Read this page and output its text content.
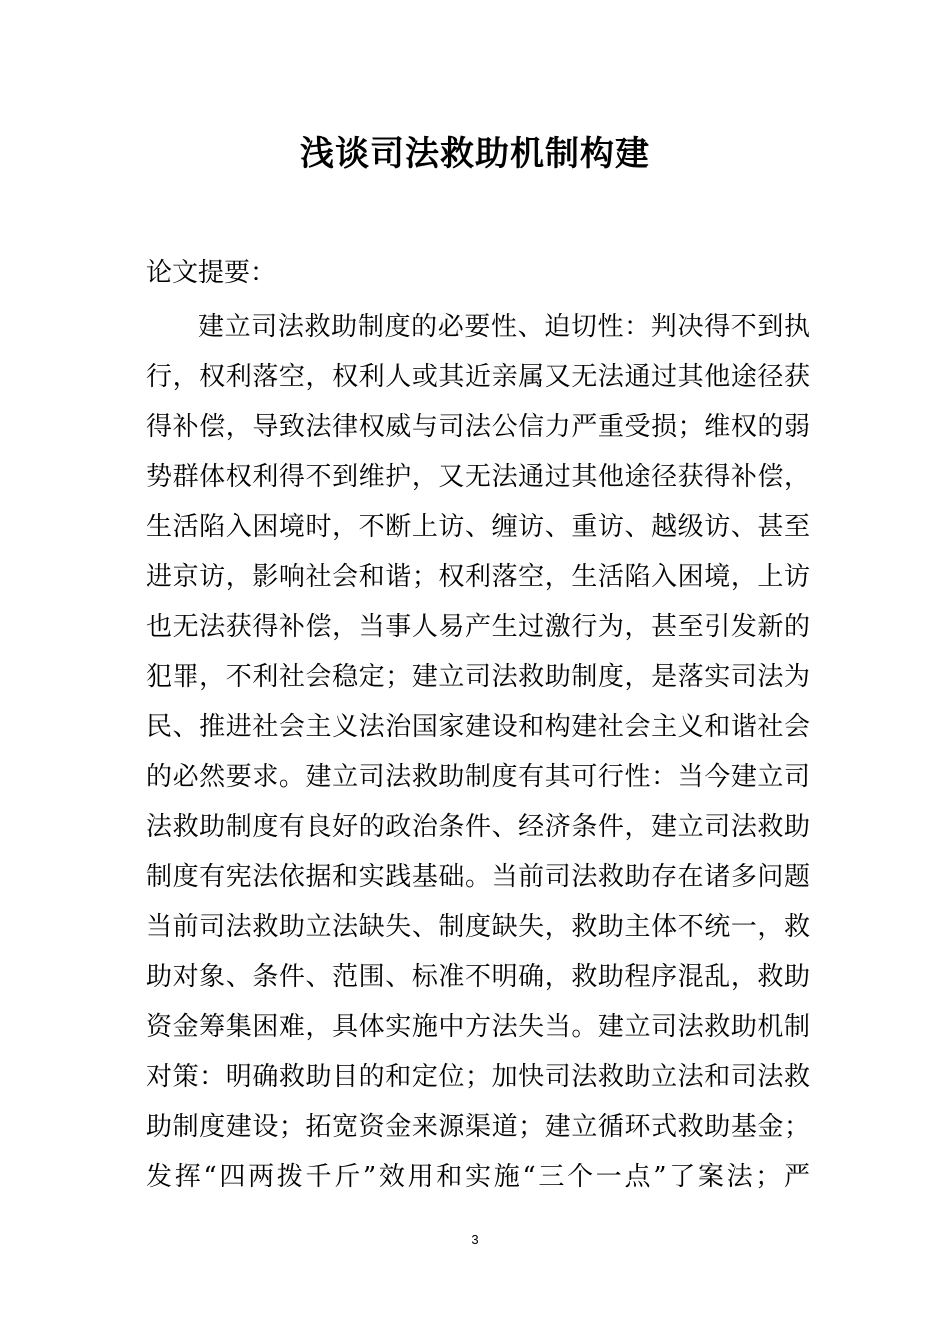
浅谈司法救助机制构建
论文提要：
建立司法救助制度的必要性、迫切性：判决得不到执
行，权利落空，权利人或其近亲属又无法通过其他途径获
得补偿，导致法律权威与司法公信力严重受损；维权的弱
势群体权利得不到维护，又无法通过其他途径获得补偿，
生活陷入困境时，不断上访、缠访、重访、越级访、甚至
进京访，影响社会和谐；权利落空，生活陷入困境，上访
也无法获得补偿，当事人易产生过激行为，甚至引发新的
犯罪，不利社会稳定；建立司法救助制度，是落实司法为
民、推进社会主义法治国家建设和构建社会主义和谐社会
的必然要求。建立司法救助制度有其可行性：当今建立司
法救助制度有良好的政治条件、经济条件，建立司法救助
制度有宪法依据和实践基础。当前司法救助存在诸多问题
当前司法救助立法缺失、制度缺失，救助主体不统一，救
助对象、条件、范围、标准不明确，救助程序混乱，救助
资金筹集困难，具体实施中方法失当。建立司法救助机制
对策：明确救助目的和定位；加快司法救助立法和司法救
助制度建设；拓宽资金来源渠道；建立循环式救助基金；
发挥“四两拨千斤”效用和实施“三个一点”了案法；严
3
